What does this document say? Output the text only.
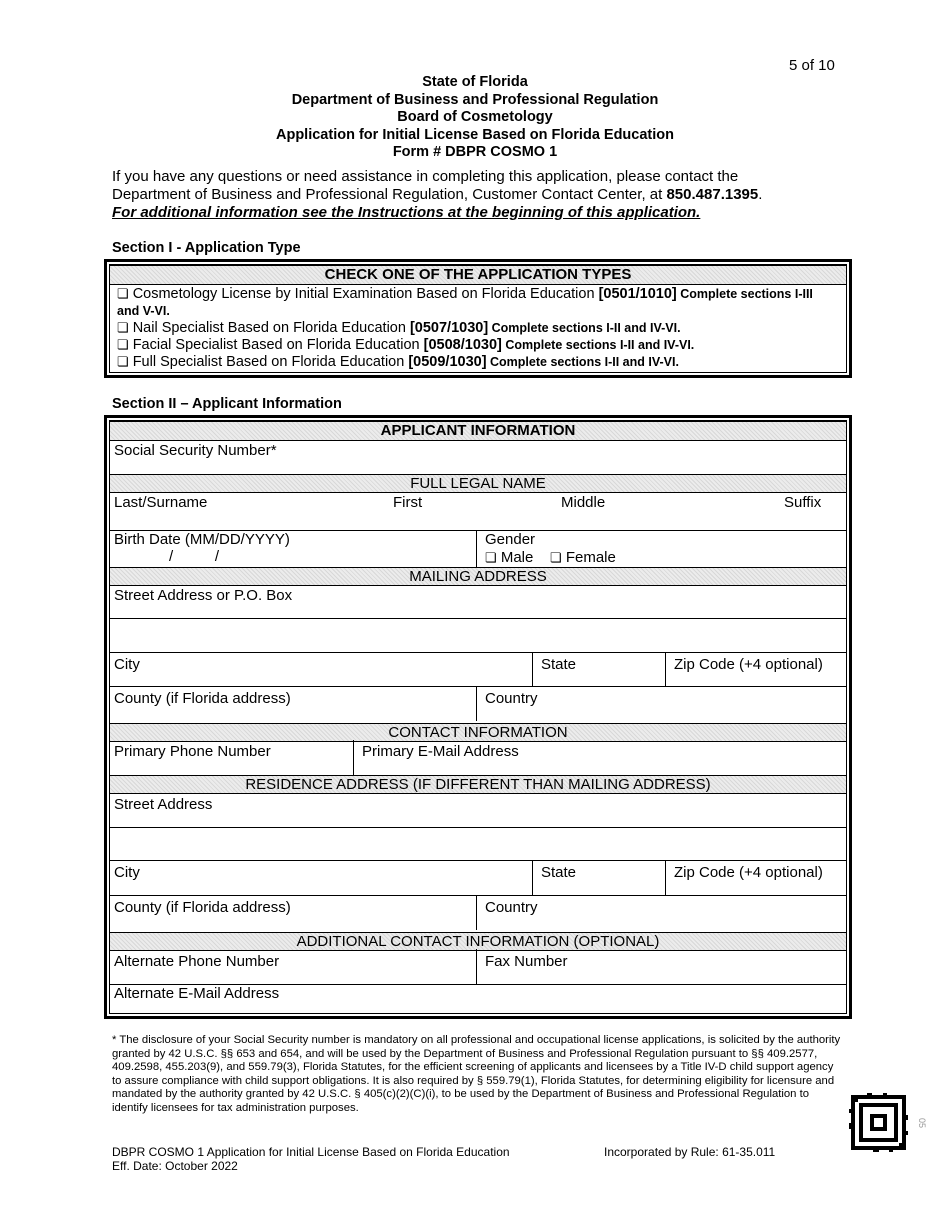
5 of 10
State of Florida
Department of Business and Professional Regulation
Board of Cosmetology
Application for Initial License Based on Florida Education
Form # DBPR COSMO 1
If you have any questions or need assistance in completing this application, please contact the Department of Business and Professional Regulation, Customer Contact Center, at 850.487.1395.
For additional information see the Instructions at the beginning of this application.
Section I - Application Type
CHECK ONE OF THE APPLICATION TYPES
❏ Cosmetology License by Initial Examination Based on Florida Education [0501/1010] Complete sections I-III and V-VI.
❏ Nail Specialist Based on Florida Education [0507/1030] Complete sections I-II and IV-VI.
❏ Facial Specialist Based on Florida Education [0508/1030] Complete sections I-II and IV-VI.
❏ Full Specialist Based on Florida Education [0509/1030] Complete sections I-II and IV-VI.
Section II – Applicant Information
APPLICANT INFORMATION
Social Security Number*
FULL LEGAL NAME
Last/Surname	First	Middle	Suffix
Birth Date (MM/DD/YYYY)
/          /
Gender
❏ Male ❏ Female
MAILING ADDRESS
Street Address or P.O. Box
City	State	Zip Code (+4 optional)
County (if Florida address)	Country
CONTACT INFORMATION
Primary Phone Number	Primary E-Mail Address
RESIDENCE ADDRESS (IF DIFFERENT THAN MAILING ADDRESS)
Street Address
City	State	Zip Code (+4 optional)
County (if Florida address)	Country
ADDITIONAL CONTACT INFORMATION (OPTIONAL)
Alternate Phone Number	Fax Number
Alternate E-Mail Address
* The disclosure of your Social Security number is mandatory on all professional and occupational license applications, is solicited by the authority granted by 42 U.S.C. §§ 653 and 654, and will be used by the Department of Business and Professional Regulation pursuant to §§ 409.2577, 409.2598, 455.203(9), and 559.79(3), Florida Statutes, for the efficient screening of applicants and licensees by a Title IV-D child support agency to assure compliance with child support obligations. It is also required by § 559.79(1), Florida Statutes, for determining eligibility for licensure and mandated by the authority granted by 42 U.S.C. § 405(c)(2)(C)(i), to be used by the Department of Business and Professional Regulation to identify licensees for tax administration purposes.
DBPR COSMO 1 Application for Initial License Based on Florida Education
Eff. Date: October 2022
Incorporated by Rule: 61-35.011
05
